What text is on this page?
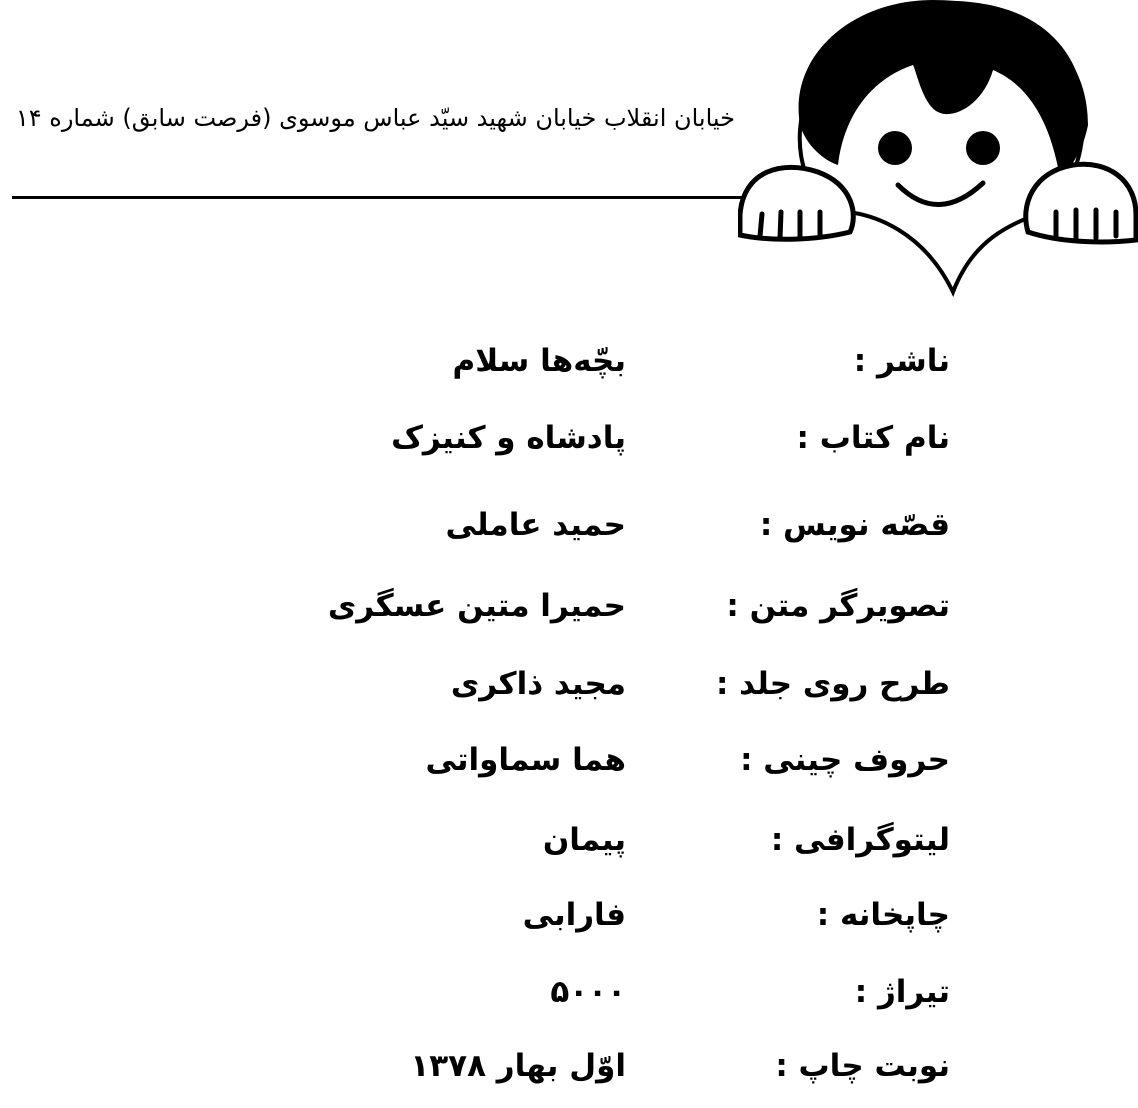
خیابان انقلاب خیابان شهید سیّد عباس موسوی (فرصت سابق) شماره ۱۴
ناشر :
بچّه‌ها سلام
نام کتاب :
پادشاه و کنیزک
قصّه نویس :
حمید عاملی
تصویرگر متن :
حمیرا متین عسگری
طرح روی جلد :
مجید ذاکری
حروف چینی :
هما سماواتی
لیتوگرافی :
پیمان
چاپخانه :
فارابی
تیراژ :
۵۰۰۰
نوبت چاپ :
اوّل بهار ۱۳۷۸
